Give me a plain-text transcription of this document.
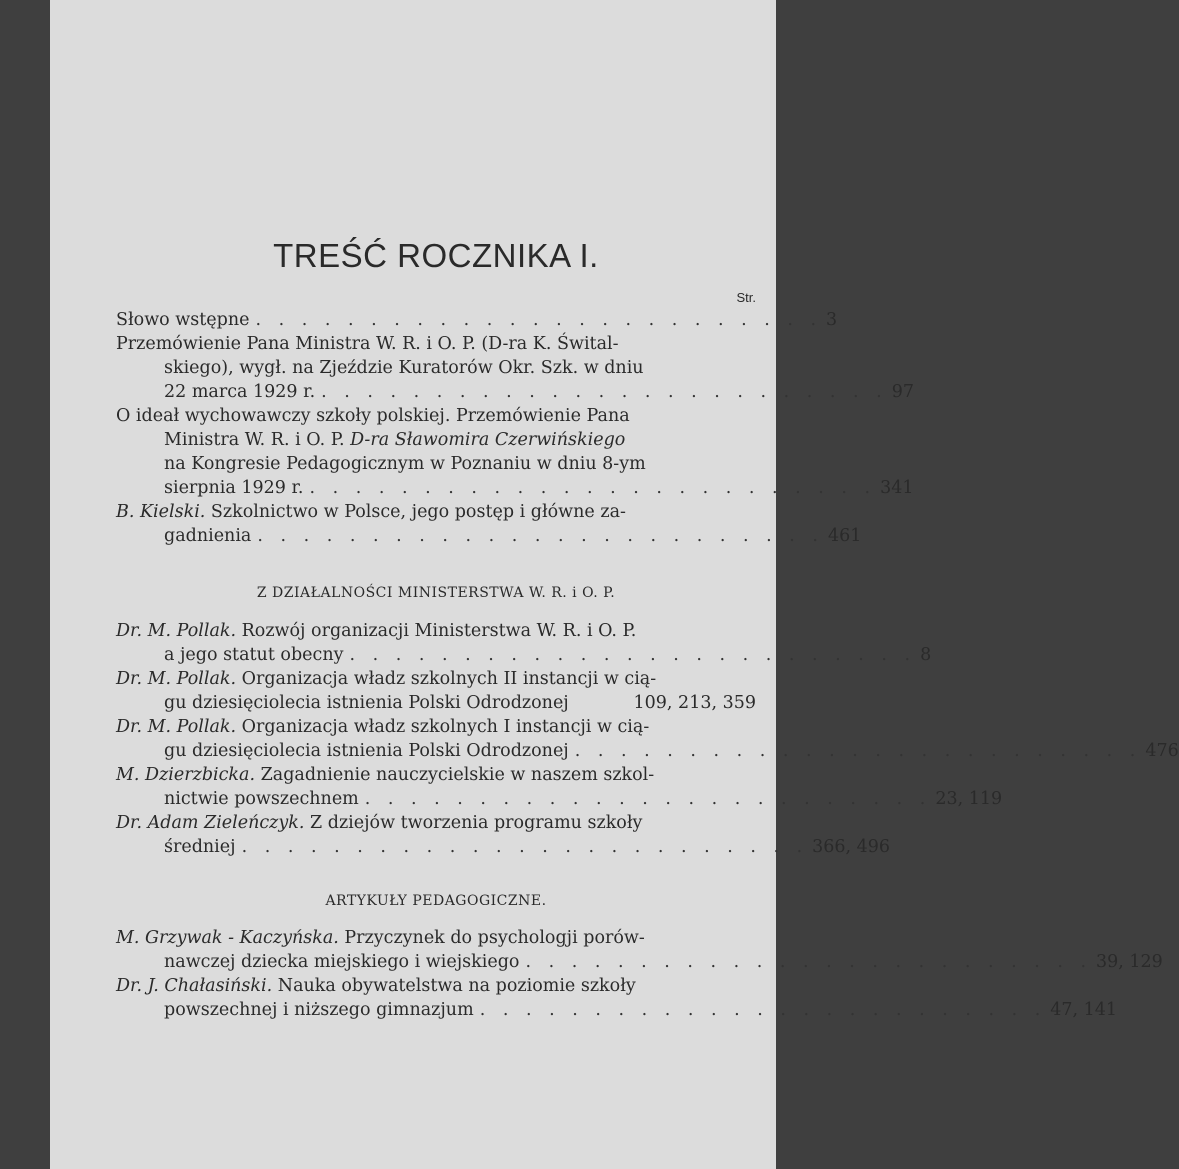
TREŚĆ ROCZNIKA I.
Str.
Słowo wstępne . . . . . . . . . . . . . . . . . . . . . . . . . 3
Przemówienie Pana Ministra W. R. i O. P. (D-ra K. Śwital-
skiego), wygł. na Zjeździe Kuratorów Okr. Szk. w dniu
22 marca 1929 r. . . . . . . . . . . . . . . . . . . . . . . . . . 97
O ideał wychowawczy szkoły polskiej. Przemówienie Pana
Ministra W. R. i O. P. D-ra Sławomira Czerwińskiego
na Kongresie Pedagogicznym w Poznaniu w dniu 8-ym
sierpnia 1929 r. . . . . . . . . . . . . . . . . . . . . . . . . . 341
B. Kielski. Szkolnictwo w Polsce, jego postęp i główne za-
gadnienia . . . . . . . . . . . . . . . . . . . . . . . . . 461
Z DZIAŁALNOŚCI MINISTERSTWA W. R. i O. P.
Dr. M. Pollak. Rozwój organizacji Ministerstwa W. R. i O. P.
a jego statut obecny . . . . . . . . . . . . . . . . . . . . . . . . . 8
Dr. M. Pollak. Organizacja władz szkolnych II instancji w cią-
gu dziesięciolecia istnienia Polski Odrodzonej	109, 213, 359
Dr. M. Pollak. Organizacja władz szkolnych I instancji w cią-
gu dziesięciolecia istnienia Polski Odrodzonej . . . . . . . . . . . . . . . . . . . . . . . . . 476
M. Dzierzbicka. Zagadnienie nauczycielskie w naszem szkol-
nictwie powszechnem . . . . . . . . . . . . . . . . . . . . . . . . . 23, 119
Dr. Adam Zieleńczyk. Z dziejów tworzenia programu szkoły
średniej . . . . . . . . . . . . . . . . . . . . . . . . . 366, 496
ARTYKUŁY PEDAGOGICZNE.
M. Grzywak - Kaczyńska. Przyczynek do psychologji porów-
nawczej dziecka miejskiego i wiejskiego . . . . . . . . . . . . . . . . . . . . . . . . . 39, 129
Dr. J. Chałasiński. Nauka obywatelstwa na poziomie szkoły
powszechnej i niższego gimnazjum . . . . . . . . . . . . . . . . . . . . . . . . . 47, 141
